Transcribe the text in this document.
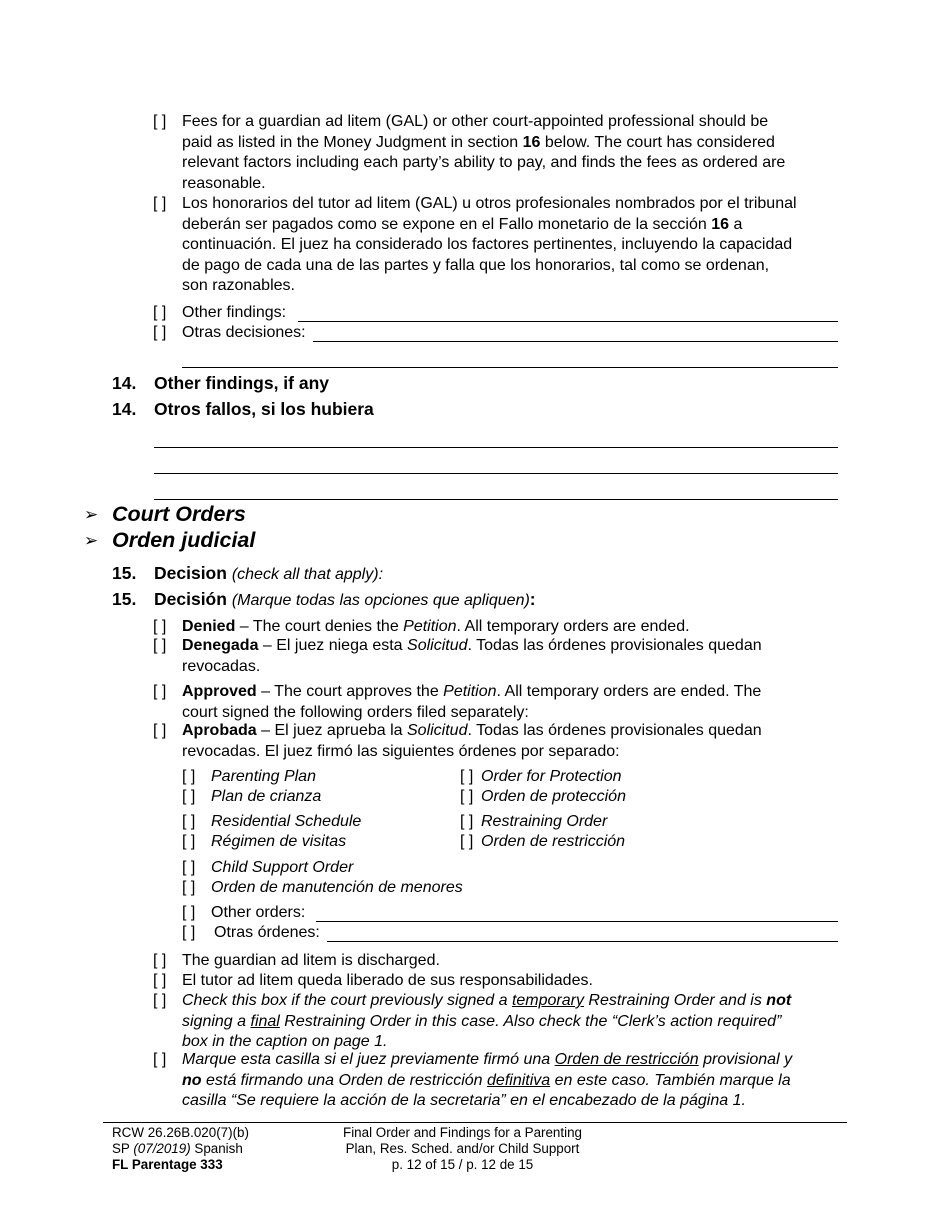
[ ] Fees for a guardian ad litem (GAL) or other court-appointed professional should be
paid as listed in the Money Judgment in section 16 below. The court has considered
relevant factors including each party’s ability to pay, and finds the fees as ordered are
reasonable.
[ ] Los honorarios del tutor ad litem (GAL) u otros profesionales nombrados por el tribunal
deberán ser pagados como se expone en el Fallo monetario de la sección 16 a
continuación. El juez ha considerado los factores pertinentes, incluyendo la capacidad
de pago de cada una de las partes y falla que los honorarios, tal como se ordenan,
son razonables.
[ ] Other findings:
[ ] Otras decisiones:
14. Other findings, if any
14. Otros fallos, si los hubiera
➢ Court Orders
➢ Orden judicial
15. Decision (check all that apply):
15. Decisión (Marque todas las opciones que apliquen):
[ ] Denied – The court denies the Petition. All temporary orders are ended.
[ ] Denegada – El juez niega esta Solicitud. Todas las órdenes provisionales quedan
revocadas.
[ ] Approved – The court approves the Petition. All temporary orders are ended. The
court signed the following orders filed separately:
[ ] Aprobada – El juez aprueba la Solicitud. Todas las órdenes provisionales quedan
revocadas. El juez firmó las siguientes órdenes por separado:
[ ] Parenting Plan
[ ] Plan de crianza
[ ] Residential Schedule
[ ] Régimen de visitas
[ ] Child Support Order
[ ] Orden de manutención de menores
[ ] Order for Protection
[ ] Orden de protección
[ ] Restraining Order
[ ] Orden de restricción
[ ] Other orders:
[ ] Otras órdenes:
[ ] The guardian ad litem is discharged.
[ ] El tutor ad litem queda liberado de sus responsabilidades.
[ ] Check this box if the court previously signed a temporary Restraining Order and is not
signing a final Restraining Order in this case. Also check the “Clerk’s action required”
box in the caption on page 1.
[ ] Marque esta casilla si el juez previamente firmó una Orden de restricción provisional y
no está firmando una Orden de restricción definitiva en este caso. También marque la
casilla “Se requiere la acción de la secretaria” en el encabezado de la página 1.
RCW 26.26B.020(7)(b)
SP (07/2019) Spanish
FL Parentage 333
Final Order and Findings for a Parenting
Plan, Res. Sched. and/or Child Support
p. 12 of 15 / p. 12 de 15
